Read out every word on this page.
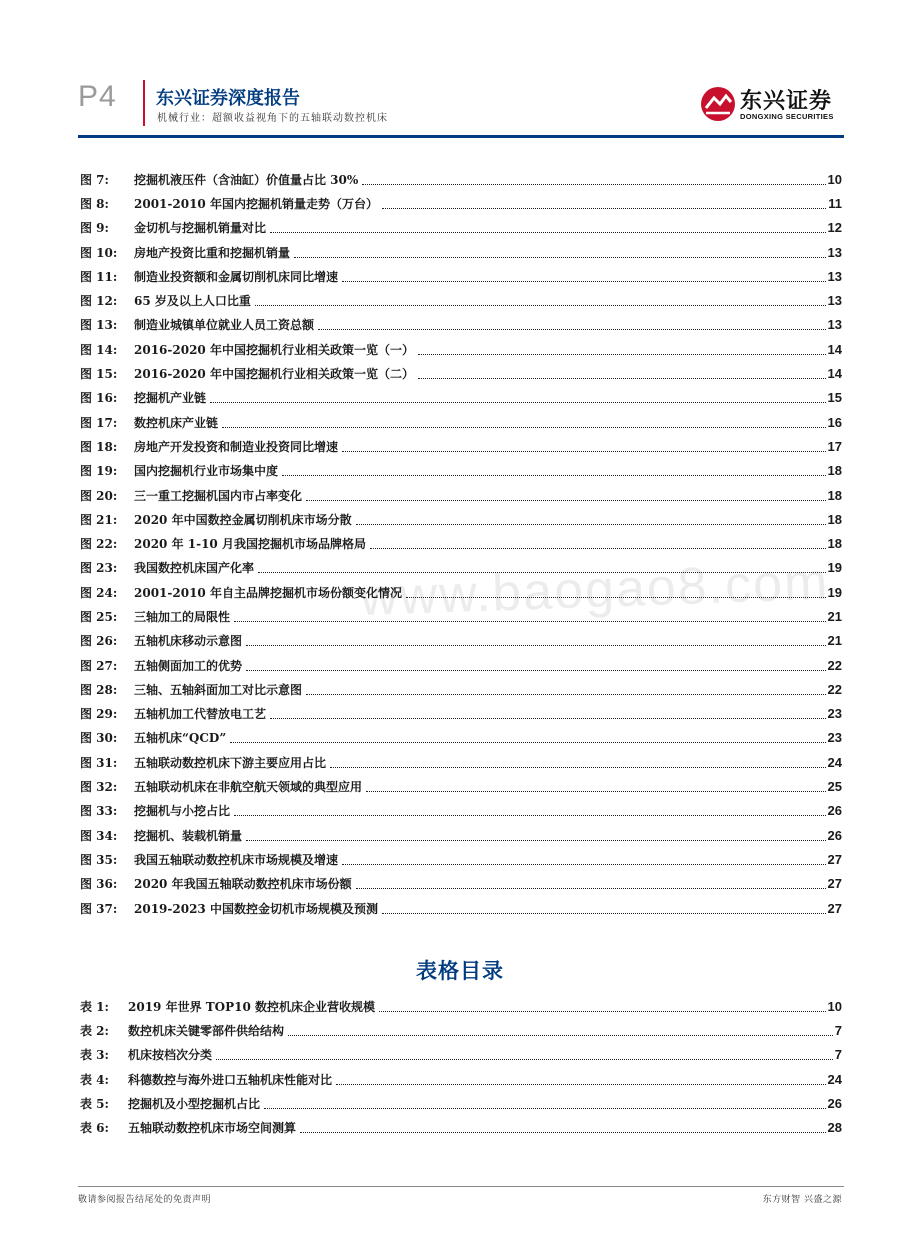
P4 东兴证券深度报告
机械行业：超额收益视角下的五轴联动数控机床
东兴证券
DONGXING SECURITIES
www.baogao8.com
图 7:	挖掘机液压件（含油缸）价值量占比 30%	10
图 8:	2001-2010 年国内挖掘机销量走势（万台）	11
图 9:	金切机与挖掘机销量对比	12
图 10:	房地产投资比重和挖掘机销量	13
图 11:	制造业投资额和金属切削机床同比增速	13
图 12:	65 岁及以上人口比重	13
图 13:	制造业城镇单位就业人员工资总额	13
图 14:	2016-2020 年中国挖掘机行业相关政策一览（一）	14
图 15:	2016-2020 年中国挖掘机行业相关政策一览（二）	14
图 16:	挖掘机产业链	15
图 17:	数控机床产业链	16
图 18:	房地产开发投资和制造业投资同比增速	17
图 19:	国内挖掘机行业市场集中度	18
图 20:	三一重工挖掘机国内市占率变化	18
图 21:	2020 年中国数控金属切削机床市场分散	18
图 22:	2020 年 1-10 月我国挖掘机市场品牌格局	18
图 23:	我国数控机床国产化率	19
图 24:	2001-2010 年自主品牌挖掘机市场份额变化情况	19
图 25:	三轴加工的局限性	21
图 26:	五轴机床移动示意图	21
图 27:	五轴侧面加工的优势	22
图 28:	三轴、五轴斜面加工对比示意图	22
图 29:	五轴机加工代替放电工艺	23
图 30:	五轴机床“QCD”	23
图 31:	五轴联动数控机床下游主要应用占比	24
图 32:	五轴联动机床在非航空航天领域的典型应用	25
图 33:	挖掘机与小挖占比	26
图 34:	挖掘机、装载机销量	26
图 35:	我国五轴联动数控机床市场规模及增速	27
图 36:	2020 年我国五轴联动数控机床市场份额	27
图 37:	2019-2023 中国数控金切机市场规模及预测	27
表格目录
表 1:	2019 年世界 TOP10 数控机床企业营收规模	10
表 2:	数控机床关键零部件供给结构	7
表 3:	机床按档次分类	7
表 4:	科德数控与海外进口五轴机床性能对比	24
表 5:	挖掘机及小型挖掘机占比	26
表 6:	五轴联动数控机床市场空间测算	28
敬请参阅报告结尾处的免责声明	东方财智 兴盛之源
